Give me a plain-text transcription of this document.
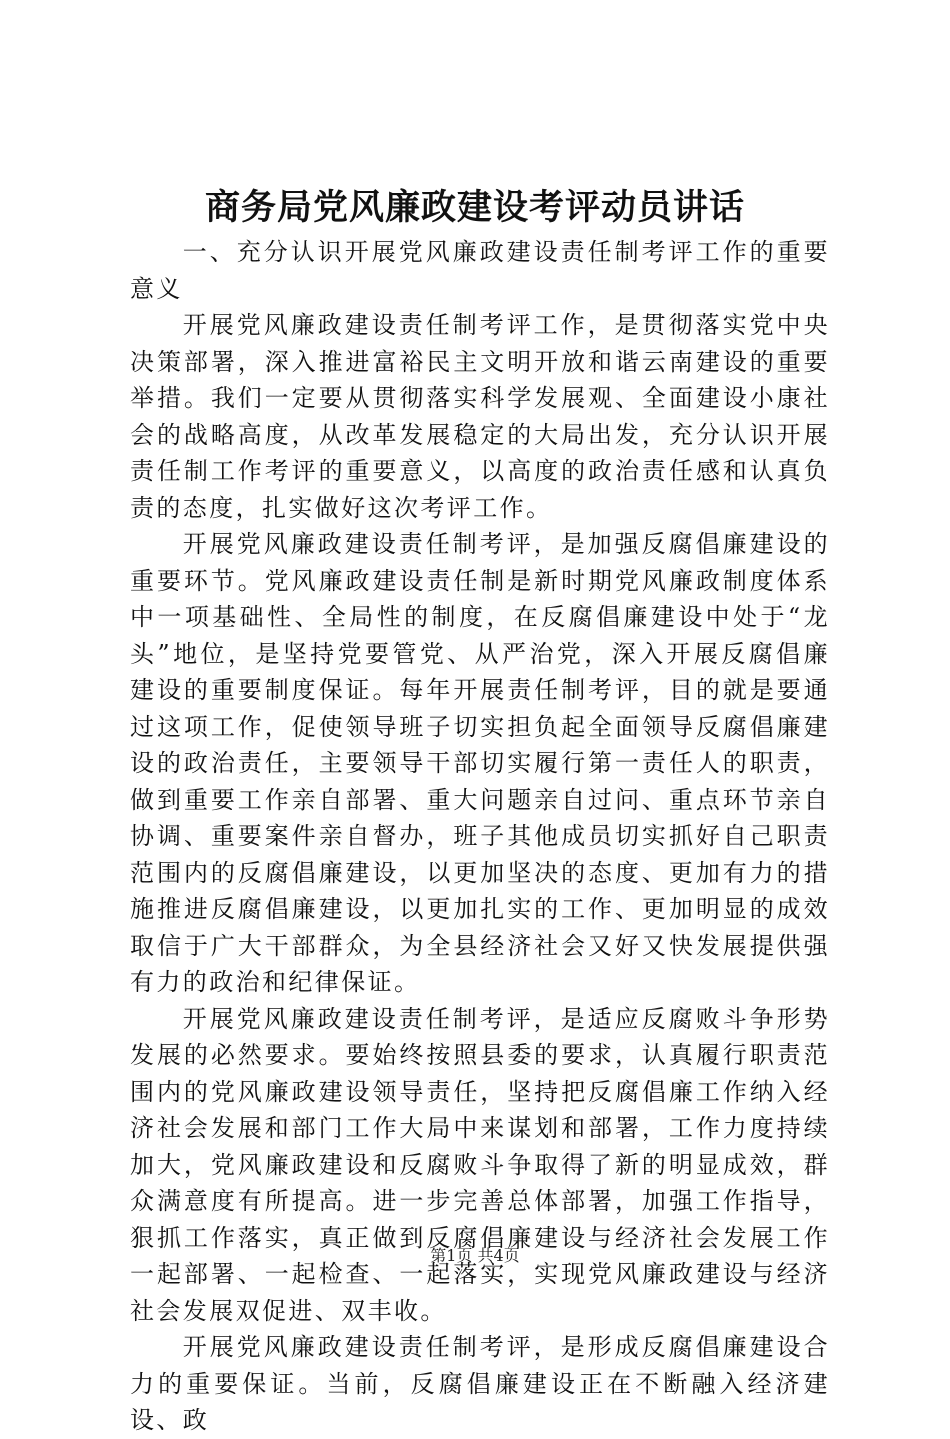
商务局党风廉政建设考评动员讲话

一、充分认识开展党风廉政建设责任制考评工作的重要意义

开展党风廉政建设责任制考评工作，是贯彻落实党中央决策部署，深入推进富裕民主文明开放和谐云南建设的重要举措。我们一定要从贯彻落实科学发展观、全面建设小康社会的战略高度，从改革发展稳定的大局出发，充分认识开展责任制工作考评的重要意义，以高度的政治责任感和认真负责的态度，扎实做好这次考评工作。

开展党风廉政建设责任制考评，是加强反腐倡廉建设的重要环节。党风廉政建设责任制是新时期党风廉政制度体系中一项基础性、全局性的制度，在反腐倡廉建设中处于“龙头”地位，是坚持党要管党、从严治党，深入开展反腐倡廉建设的重要制度保证。每年开展责任制考评，目的就是要通过这项工作，促使领导班子切实担负起全面领导反腐倡廉建设的政治责任，主要领导干部切实履行第一责任人的职责，做到重要工作亲自部署、重大问题亲自过问、重点环节亲自协调、重要案件亲自督办，班子其他成员切实抓好自己职责范围内的反腐倡廉建设，以更加坚决的态度、更加有力的措施推进反腐倡廉建设，以更加扎实的工作、更加明显的成效取信于广大干部群众，为全县经济社会又好又快发展提供强有力的政治和纪律保证。

开展党风廉政建设责任制考评，是适应反腐败斗争形势发展的必然要求。要始终按照县委的要求，认真履行职责范围内的党风廉政建设领导责任，坚持把反腐倡廉工作纳入经济社会发展和部门工作大局中来谋划和部署，工作力度持续加大，党风廉政建设和反腐败斗争取得了新的明显成效，群众满意度有所提高。进一步完善总体部署，加强工作指导，狠抓工作落实，真正做到反腐倡廉建设与经济社会发展工作一起部署、一起检查、一起落实，实现党风廉政建设与经济社会发展双促进、双丰收。

开展党风廉政建设责任制考评，是形成反腐倡廉建设合力的重要保证。当前，反腐倡廉建设正在不断融入经济建设、政

第1页 共4页
